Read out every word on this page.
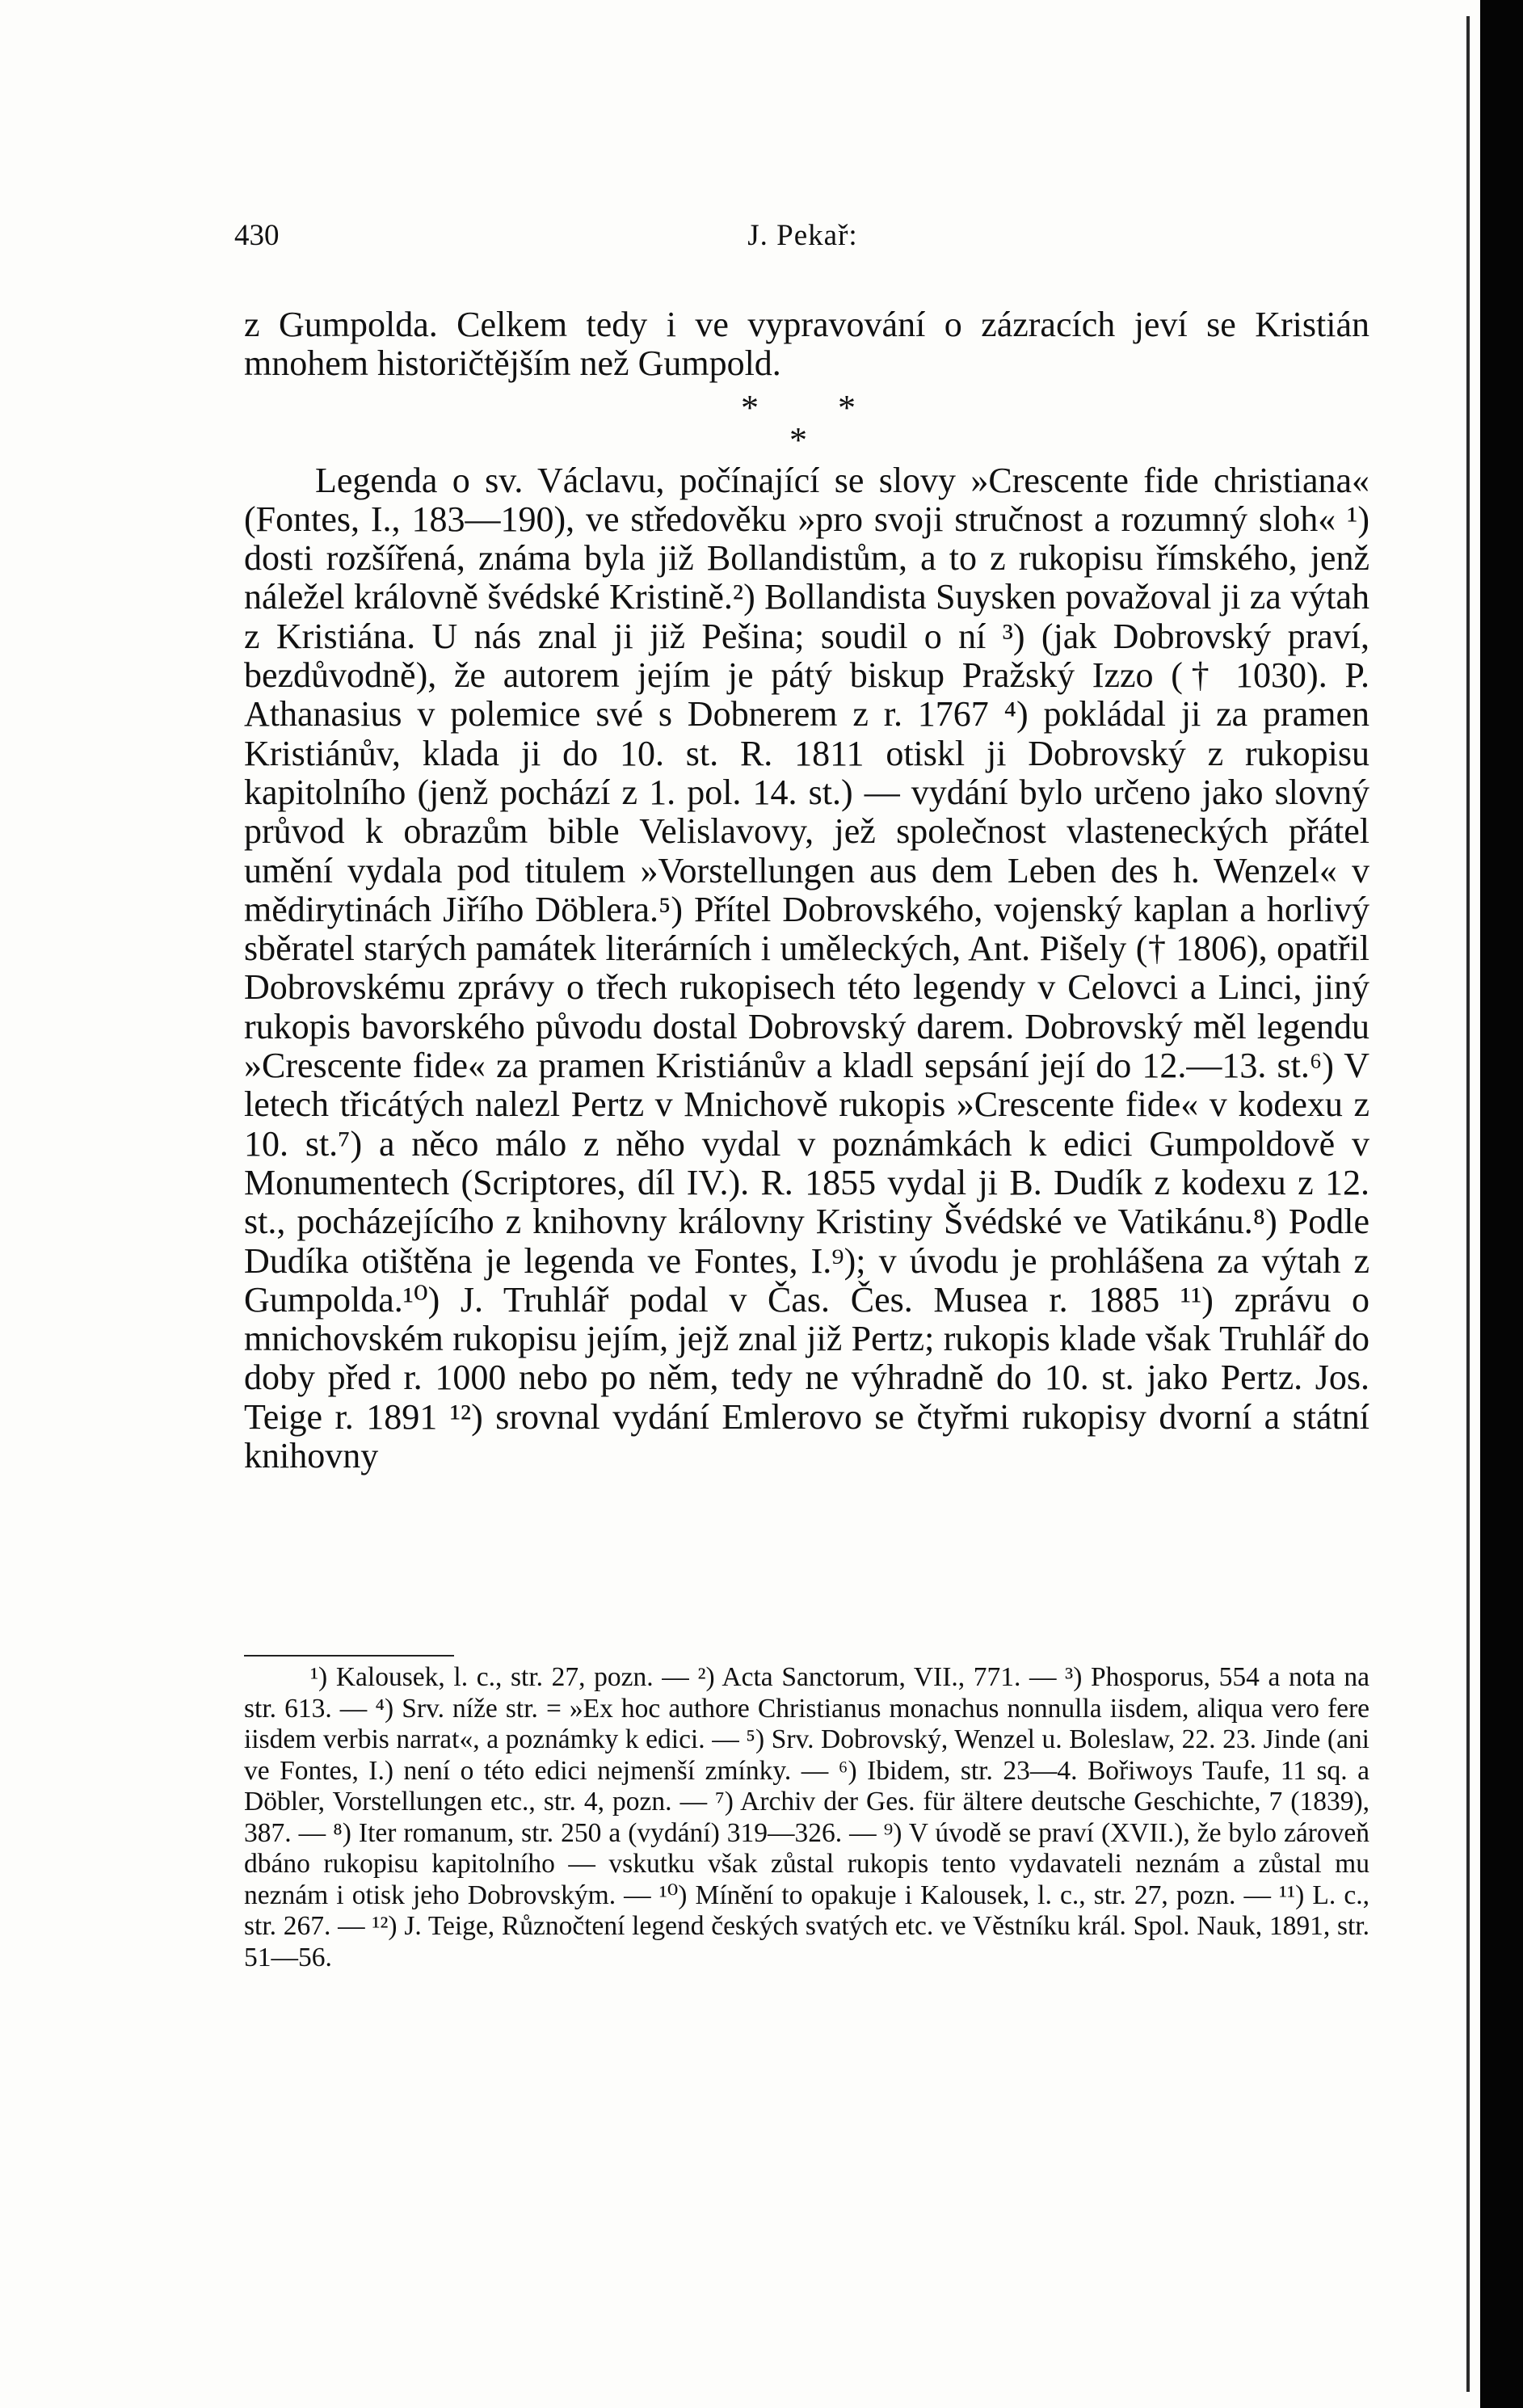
430	J. Pekař:

z Gumpolda. Celkem tedy i ve vypravování o zázracích jeví se Kristián mnohem historičtějším než Gumpold.

* *
*

Legenda o sv. Václavu, počínající se slovy »Crescente fide christiana« (Fontes, I., 183—190), ve středověku »pro svoji stručnost a rozumný sloh« ¹) dosti rozšířená, známa byla již Bollandistům, a to z rukopisu římského, jenž náležel královně švédské Kristině.²) Bollandista Suysken považoval ji za výtah z Kristiána. U nás znal ji již Pešina; soudil o ní ³) (jak Dobrovský praví, bezdůvodně), že autorem jejím je pátý biskup Pražský Izzo († 1030). P. Athanasius v polemice své s Dobnerem z r. 1767 ⁴) pokládal ji za pramen Kristiánův, klada ji do 10. st. R. 1811 otiskl ji Dobrovský z rukopisu kapitolního (jenž pochází z 1. pol. 14. st.) — vydání bylo určeno jako slovný průvod k obrazům bible Velislavovy, jež společnost vlasteneckých přátel umění vydala pod titulem »Vorstellungen aus dem Leben des h. Wenzel« v mědirytinách Jiřího Döblera.⁵) Přítel Dobrovského, vojenský kaplan a horlivý sběratel starých památek literárních i uměleckých, Ant. Pišely († 1806), opatřil Dobrovskému zprávy o třech rukopisech této legendy v Celovci a Linci, jiný rukopis bavorského původu dostal Dobrovský darem. Dobrovský měl legendu »Crescente fide« za pramen Kristiánův a kladl sepsání její do 12.—13. st.⁶) V letech třicátých nalezl Pertz v Mnichově rukopis »Crescente fide« v kodexu z 10. st.⁷) a něco málo z něho vydal v poznámkách k edici Gumpoldově v Monumentech (Scriptores, díl IV.). R. 1855 vydal ji B. Dudík z kodexu z 12. st., pocházejícího z knihovny královny Kristiny Švédské ve Vatikánu.⁸) Podle Dudíka otištěna je legenda ve Fontes, I.⁹); v úvodu je prohlášena za výtah z Gumpolda.¹⁰) J. Truhlář podal v Čas. Čes. Musea r. 1885 ¹¹) zprávu o mnichovském rukopisu jejím, jejž znal již Pertz; rukopis klade však Truhlář do doby před r. 1000 nebo po něm, tedy ne výhradně do 10. st. jako Pertz. Jos. Teige r. 1891 ¹²) srovnal vydání Emlerovo se čtyřmi rukopisy dvorní a státní knihovny

¹) Kalousek, l. c., str. 27, pozn. — ²) Acta Sanctorum, VII., 771. — ³) Phosporus, 554 a nota na str. 613. — ⁴) Srv. níže str. = »Ex hoc authore Christianus monachus nonnulla iisdem, aliqua vero fere iisdem verbis narrat«, a poznámky k edici. — ⁵) Srv. Dobrovský, Wenzel u. Boleslaw, 22. 23. Jinde (ani ve Fontes, I.) není o této edici nejmenší zmínky. — ⁶) Ibidem, str. 23—4. Bořiwoys Taufe, 11 sq. a Döbler, Vorstellungen etc., str. 4, pozn. — ⁷) Archiv der Ges. für ältere deutsche Geschichte, 7 (1839), 387. — ⁸) Iter romanum, str. 250 a (vydání) 319—326. — ⁹) V úvodě se praví (XVII.), že bylo zároveň dbáno rukopisu kapitolního — vskutku však zůstal rukopis tento vydavateli neznám a zůstal mu neznám i otisk jeho Dobrovským. — ¹⁰) Mínění to opakuje i Kalousek, l. c., str. 27, pozn. — ¹¹) L. c., str. 267. — ¹²) J. Teige, Různočtení legend českých svatých etc. ve Věstníku král. Spol. Nauk, 1891, str. 51—56.
